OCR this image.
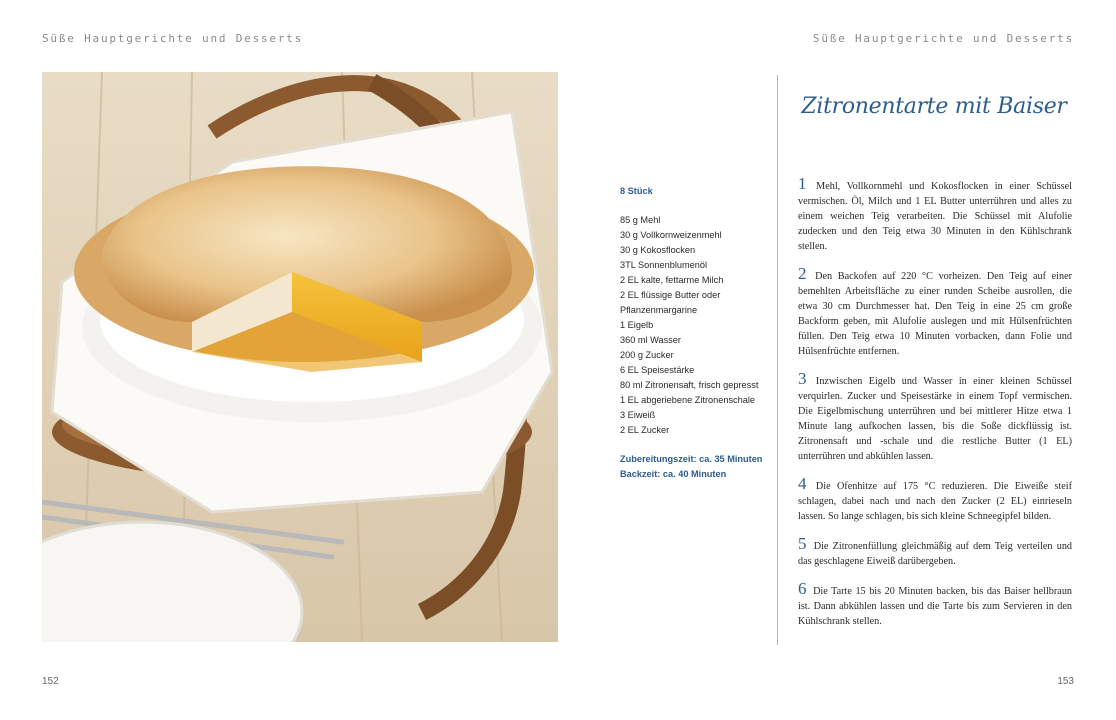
Süße Hauptgerichte und Desserts	Süße Hauptgerichte und Desserts
8 Stück
85 g Mehl
30 g Vollkornweizenmehl
30 g Kokosflocken
3TL Sonnenblumenöl
2 EL kalte, fettarme Milch
2 EL flüssige Butter oder
Pflanzenmargarine
1 Eigelb
360 ml Wasser
200 g Zucker
6 EL Speisestärke
80 ml Zitronensaft, frisch gepresst
1 EL abgeriebene Zitronenschale
3 Eiweiß
2 EL Zucker
Zubereitungszeit: ca. 35 Minuten
Backzeit: ca. 40 Minuten
Zitronentarte mit Baiser

1 Mehl, Vollkornmehl und Kokosflocken in einer Schüssel vermischen. Öl, Milch und 1 EL Butter unterrühren und alles zu einem weichen Teig verarbeiten. Die Schüssel mit Alufolie zudecken und den Teig etwa 30 Minuten in den Kühlschrank stellen.

2 Den Backofen auf 220 °C vorheizen. Den Teig auf einer bemehlten Arbeitsfläche zu einer runden Scheibe ausrollen, die etwa 30 cm Durchmesser hat. Den Teig in eine 25 cm große Backform geben, mit Alufolie auslegen und mit Hülsenfrüchten füllen. Den Teig etwa 10 Minuten vorbacken, dann Folie und Hülsenfrüchte entfernen.

3 Inzwischen Eigelb und Wasser in einer kleinen Schüssel verquirlen. Zucker und Speisestärke in einem Topf vermischen. Die Eigelbmischung unterrühren und bei mittlerer Hitze etwa 1 Minute lang aufkochen lassen, bis die Soße dickflüssig ist. Zitronensaft und -schale und die restliche Butter (1 EL) unterrühren und abkühlen lassen.

4 Die Ofenhitze auf 175 °C reduzieren. Die Eiweiße steif schlagen, dabei nach und nach den Zucker (2 EL) einrieseln lassen. So lange schlagen, bis sich kleine Schneegipfel bilden.

5 Die Zitronenfüllung gleichmäßig auf dem Teig verteilen und das geschlagene Eiweiß darübergeben.

6 Die Tarte 15 bis 20 Minuten backen, bis das Baiser hellbraun ist. Dann abkühlen lassen und die Tarte bis zum Servieren in den Kühlschrank stellen.

152	153
